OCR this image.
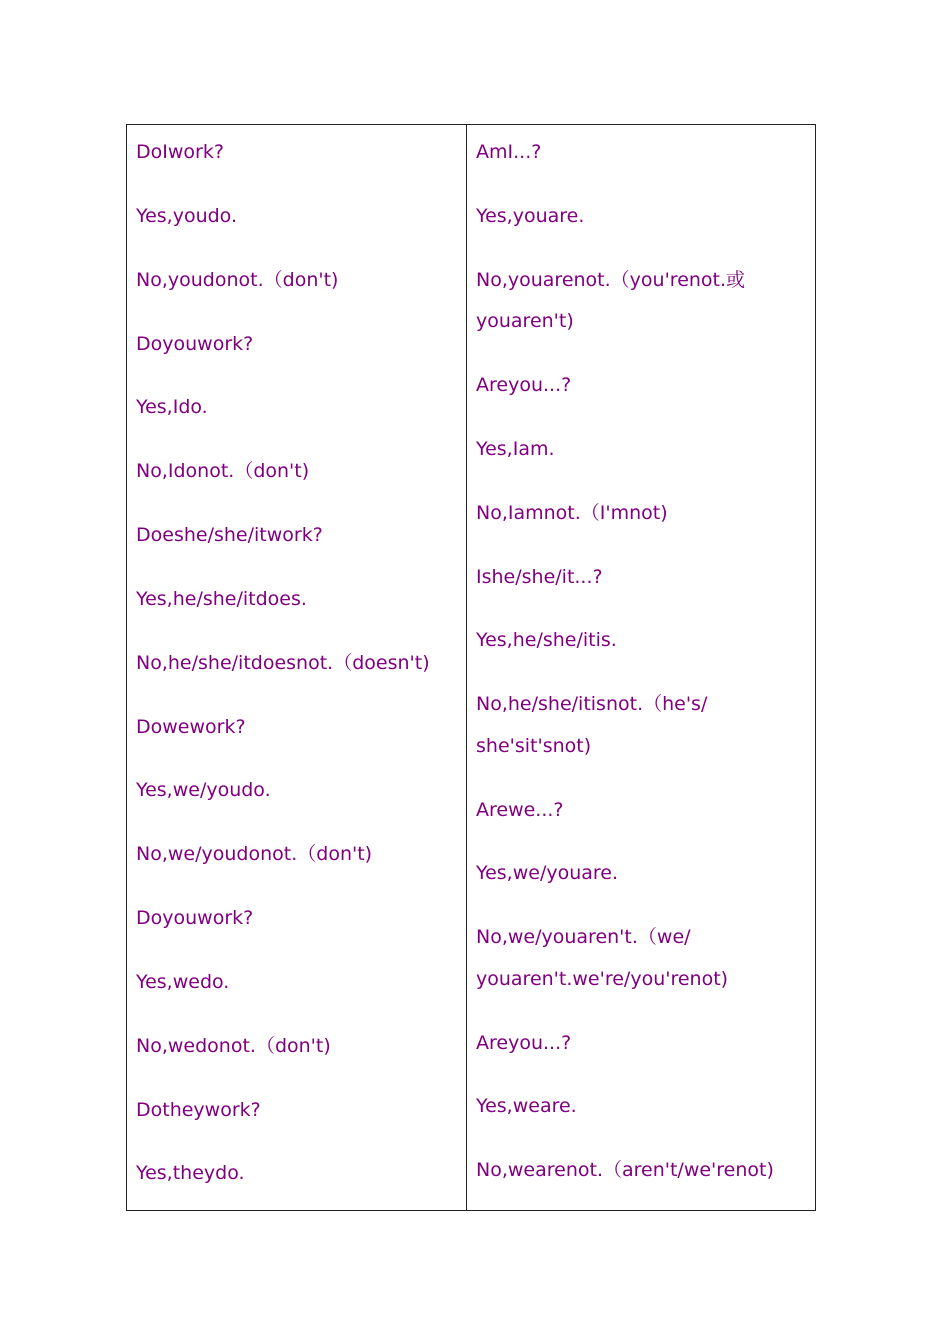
DoIwork?
Yes,youdo.
No,youdonot.（don't)
Doyouwork?
Yes,Ido.
No,Idonot.（don't)
Doeshe/she/itwork?
Yes,he/she/itdoes.
No,he/she/itdoesnot.（doesn't)
Dowework?
Yes,we/youdo.
No,we/youdonot.（don't)
Doyouwork?
Yes,wedo.
No,wedonot.（don't)
Dotheywork?
Yes,theydo.
AmI...?
Yes,youare.
No,youarenot.（you'renot.或
youaren't)
Areyou...?
Yes,Iam.
No,Iamnot.（I'mnot)
Ishe/she/it...?
Yes,he/she/itis.
No,he/she/itisnot.（he's/
she'sit'snot)
Arewe...?
Yes,we/youare.
No,we/youaren't.（we/
youaren't.we're/you'renot)
Areyou...?
Yes,weare.
No,wearenot.（aren't/we'renot)
